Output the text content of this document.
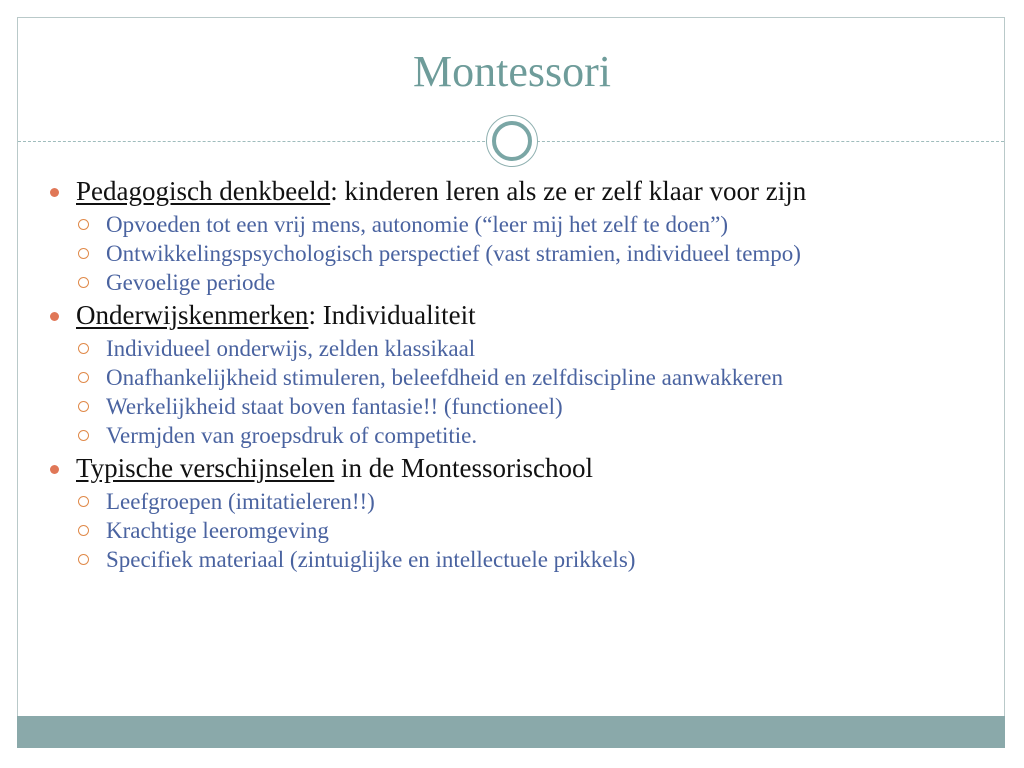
Montessori
Pedagogisch denkbeeld: kinderen leren als ze er zelf klaar voor zijn
Opvoeden tot een vrij mens, autonomie (“leer mij het zelf te doen”)
Ontwikkelingspsychologisch perspectief (vast stramien, individueel tempo)
Gevoelige periode
Onderwijskenmerken: Individualiteit
Individueel onderwijs, zelden klassikaal
Onafhankelijkheid stimuleren, beleefdheid en zelfdiscipline aanwakkeren
Werkelijkheid staat boven fantasie!! (functioneel)
Vermjden van groepsdruk of competitie.
Typische verschijnselen in de Montessorischool
Leefgroepen (imitatieleren!!)
Krachtige leeromgeving
Specifiek materiaal (zintuiglijke en intellectuele prikkels)
